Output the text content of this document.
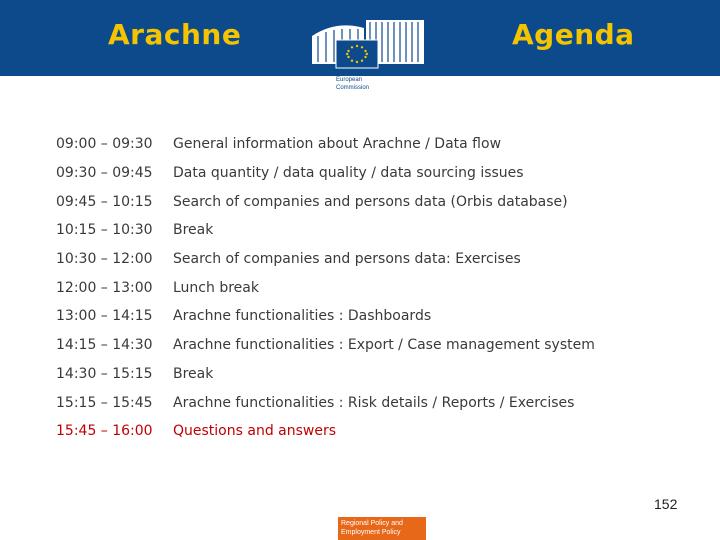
Arachne	Agenda
European
Commission
09:00 – 09:30	General information about Arachne / Data flow
09:30 – 09:45	Data quantity / data quality / data sourcing issues
09:45 – 10:15	Search of companies and persons data (Orbis database)
10:15 – 10:30	Break
10:30 – 12:00	Search of companies and persons data: Exercises
12:00 – 13:00	Lunch break
13:00 – 14:15	Arachne functionalities : Dashboards
14:15 – 14:30	Arachne functionalities : Export / Case management system
14:30 – 15:15	Break
15:15 – 15:45	Arachne functionalities : Risk details / Reports / Exercises
15:45 – 16:00	Questions and answers
152
Regional Policy and
Employment Policy
